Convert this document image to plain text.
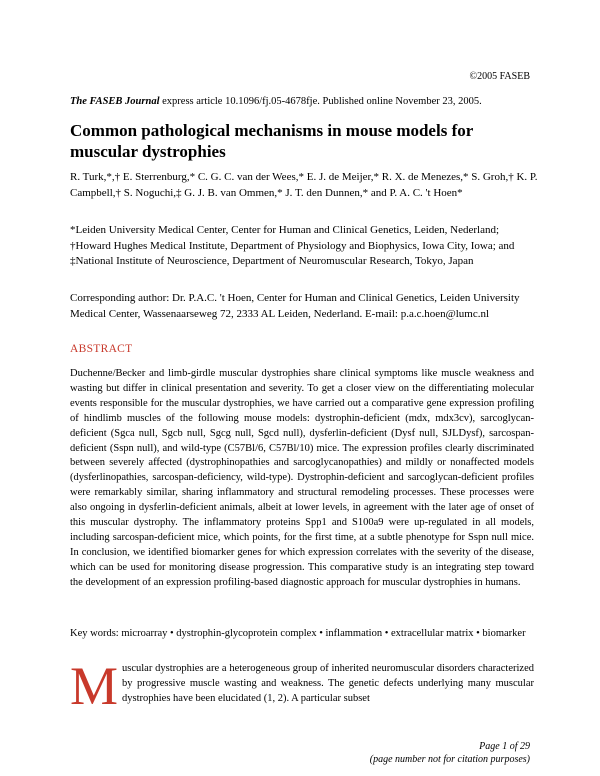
©2005 FASEB
The FASEB Journal express article 10.1096/fj.05-4678fje. Published online November 23, 2005.
Common pathological mechanisms in mouse models for muscular dystrophies
R. Turk,*,† E. Sterrenburg,* C. G. C. van der Wees,* E. J. de Meijer,* R. X. de Menezes,* S. Groh,† K. P. Campbell,† S. Noguchi,‡ G. J. B. van Ommen,* J. T. den Dunnen,* and P. A. C. 't Hoen*
*Leiden University Medical Center, Center for Human and Clinical Genetics, Leiden, Nederland; †Howard Hughes Medical Institute, Department of Physiology and Biophysics, Iowa City, Iowa; and ‡National Institute of Neuroscience, Department of Neuromuscular Research, Tokyo, Japan
Corresponding author: Dr. P.A.C. 't Hoen, Center for Human and Clinical Genetics, Leiden University Medical Center, Wassenaarseweg 72, 2333 AL Leiden, Nederland. E-mail: p.a.c.hoen@lumc.nl
ABSTRACT
Duchenne/Becker and limb-girdle muscular dystrophies share clinical symptoms like muscle weakness and wasting but differ in clinical presentation and severity. To get a closer view on the differentiating molecular events responsible for the muscular dystrophies, we have carried out a comparative gene expression profiling of hindlimb muscles of the following mouse models: dystrophin-deficient (mdx, mdx3cv), sarcoglycan-deficient (Sgca null, Sgcb null, Sgcg null, Sgcd null), dysferlin-deficient (Dysf null, SJLDysf), sarcospan-deficient (Sspn null), and wild-type (C57Bl/6, C57Bl/10) mice. The expression profiles clearly discriminated between severely affected (dystrophinopathies and sarcoglycanopathies) and mildly or nonaffected models (dysferlinopathies, sarcospan-deficiency, wild-type). Dystrophin-deficient and sarcoglycan-deficient profiles were remarkably similar, sharing inflammatory and structural remodeling processes. These processes were also ongoing in dysferlin-deficient animals, albeit at lower levels, in agreement with the later age of onset of this muscular dystrophy. The inflammatory proteins Spp1 and S100a9 were up-regulated in all models, including sarcospan-deficient mice, which points, for the first time, at a subtle phenotype for Sspn null mice. In conclusion, we identified biomarker genes for which expression correlates with the severity of the disease, which can be used for monitoring disease progression. This comparative study is an integrating step toward the development of an expression profiling-based diagnostic approach for muscular dystrophies in humans.
Key words: microarray • dystrophin-glycoprotein complex • inflammation • extracellular matrix • biomarker
Muscular dystrophies are a heterogeneous group of inherited neuromuscular disorders characterized by progressive muscle wasting and weakness. The genetic defects underlying many muscular dystrophies have been elucidated (1, 2). A particular subset
Page 1 of 29
(page number not for citation purposes)
